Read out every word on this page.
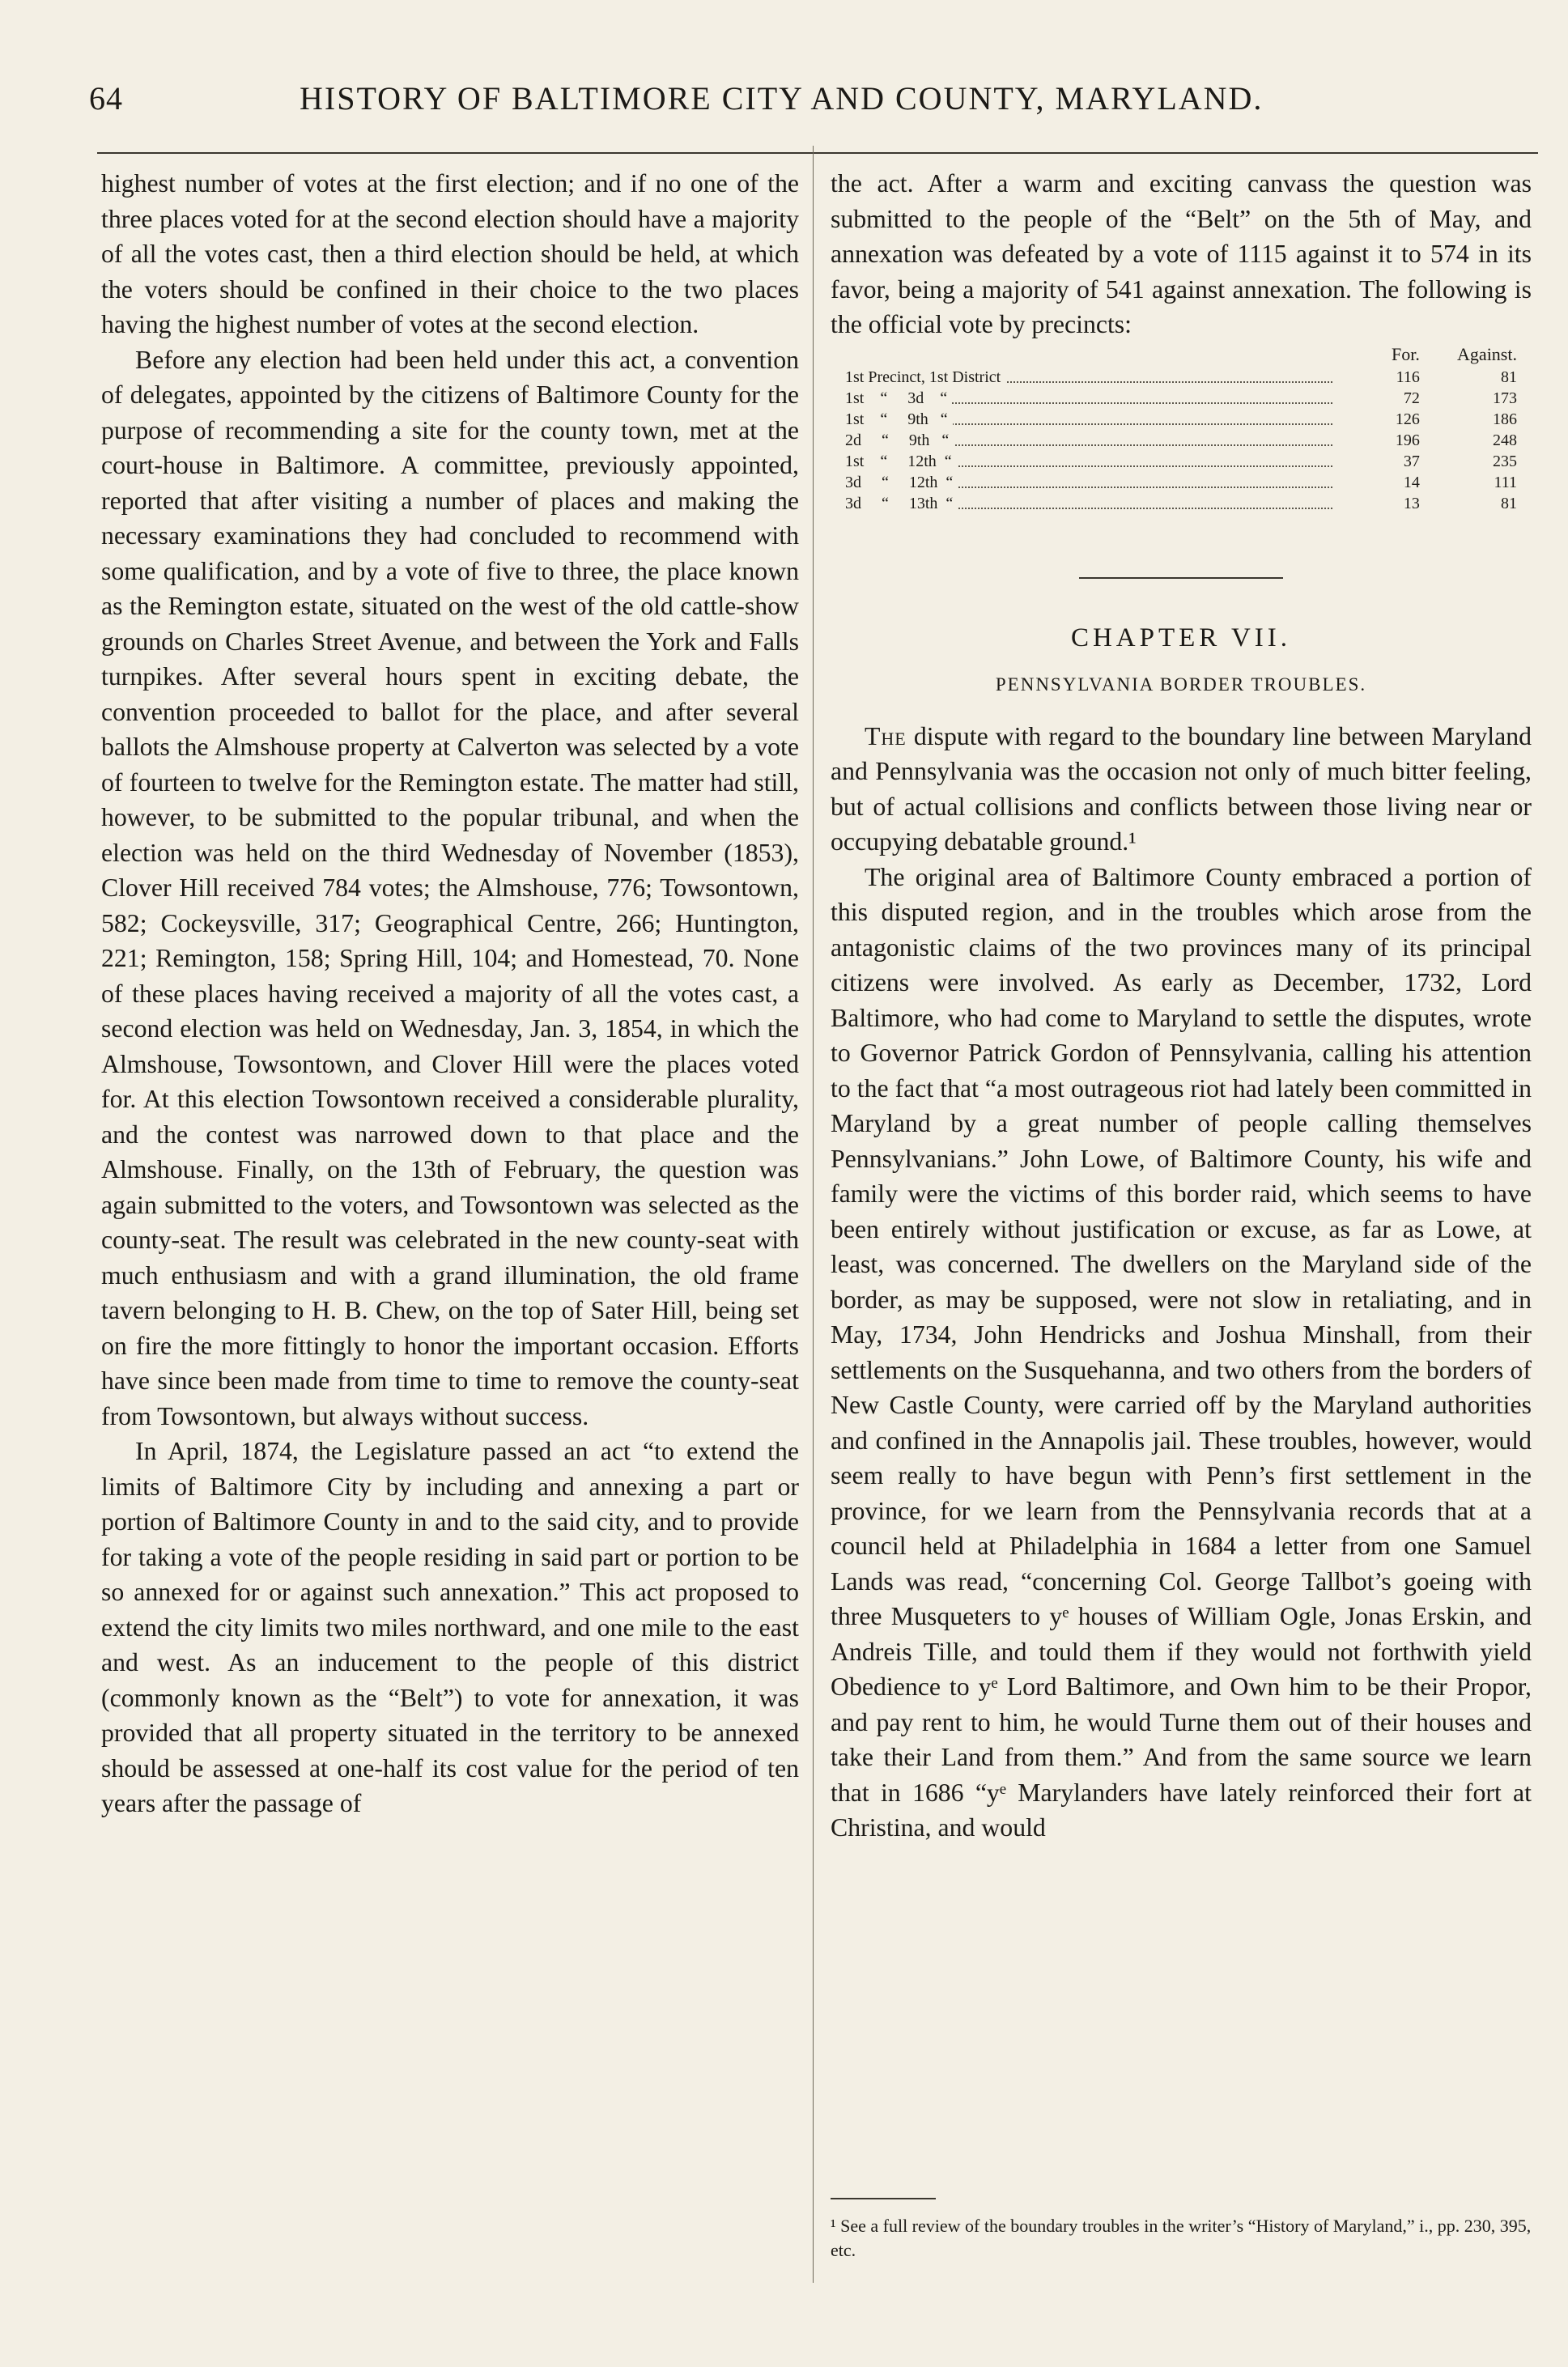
64	HISTORY OF BALTIMORE CITY AND COUNTY, MARYLAND.

highest number of votes at the first election; and if no one of the three places voted for at the second election should have a majority of all the votes cast, then a third election should be held, at which the voters should be confined in their choice to the two places having the highest number of votes at the second election.

Before any election had been held under this act, a convention of delegates, appointed by the citizens of Baltimore County for the purpose of recommending a site for the county town, met at the court-house in Baltimore. A committee, previously appointed, reported that after visiting a number of places and making the necessary examinations they had concluded to recommend with some qualification, and by a vote of five to three, the place known as the Remington estate, situated on the west of the old cattle-show grounds on Charles Street Avenue, and between the York and Falls turnpikes. After several hours spent in exciting debate, the convention proceeded to ballot for the place, and after several ballots the Almshouse property at Calverton was selected by a vote of fourteen to twelve for the Remington estate. The matter had still, however, to be submitted to the popular tribunal, and when the election was held on the third Wednesday of November (1853), Clover Hill received 784 votes; the Almshouse, 776; Towsontown, 582; Cockeysville, 317; Geographical Centre, 266; Huntington, 221; Remington, 158; Spring Hill, 104; and Homestead, 70. None of these places having received a majority of all the votes cast, a second election was held on Wednesday, Jan. 3, 1854, in which the Almshouse, Towsontown, and Clover Hill were the places voted for. At this election Towsontown received a considerable plurality, and the contest was narrowed down to that place and the Almshouse. Finally, on the 13th of February, the question was again submitted to the voters, and Towsontown was selected as the county-seat. The result was celebrated in the new county-seat with much enthusiasm and with a grand illumination, the old frame tavern belonging to H. B. Chew, on the top of Sater Hill, being set on fire the more fittingly to honor the important occasion. Efforts have since been made from time to time to remove the county-seat from Towsontown, but always without success.

In April, 1874, the Legislature passed an act “to extend the limits of Baltimore City by including and annexing a part or portion of Baltimore County in and to the said city, and to provide for taking a vote of the people residing in said part or portion to be so annexed for or against such annexation.” This act proposed to extend the city limits two miles northward, and one mile to the east and west. As an inducement to the people of this district (commonly known as the “Belt”) to vote for annexation, it was provided that all property situated in the territory to be annexed should be assessed at one-half its cost value for the period of ten years after the passage of

the act. After a warm and exciting canvass the question was submitted to the people of the “Belt” on the 5th of May, and annexation was defeated by a vote of 1115 against it to 574 in its favor, being a majority of 541 against annexation. The following is the official vote by precincts:

	For.	Against.

1st Precinct, 1st District	116	81

1st    “     3d    “	72	173

1st    “     9th   “	126	186

2d     “     9th   “	196	248

1st    “     12th  “	37	235

3d     “     12th  “	14	111

3d     “     13th  “	13	81
CHAPTER VII.
PENNSYLVANIA BORDER TROUBLES.

The dispute with regard to the boundary line between Maryland and Pennsylvania was the occasion not only of much bitter feeling, but of actual collisions and conflicts between those living near or occupying debatable ground.¹

The original area of Baltimore County embraced a portion of this disputed region, and in the troubles which arose from the antagonistic claims of the two provinces many of its principal citizens were involved. As early as December, 1732, Lord Baltimore, who had come to Maryland to settle the disputes, wrote to Governor Patrick Gordon of Pennsylvania, calling his attention to the fact that “a most outrageous riot had lately been committed in Maryland by a great number of people calling themselves Pennsylvanians.” John Lowe, of Baltimore County, his wife and family were the victims of this border raid, which seems to have been entirely without justification or excuse, as far as Lowe, at least, was concerned. The dwellers on the Maryland side of the border, as may be supposed, were not slow in retaliating, and in May, 1734, John Hendricks and Joshua Minshall, from their settlements on the Susquehanna, and two others from the borders of New Castle County, were carried off by the Maryland authorities and confined in the Annapolis jail. These troubles, however, would seem really to have begun with Penn’s first settlement in the province, for we learn from the Pennsylvania records that at a council held at Philadelphia in 1684 a letter from one Samuel Lands was read, “concerning Col. George Tallbot’s goeing with three Musqueters to yᵉ houses of William Ogle, Jonas Erskin, and Andreis Tille, and tould them if they would not forthwith yield Obedience to yᵉ Lord Baltimore, and Own him to be their Propor, and pay rent to him, he would Turne them out of their houses and take their Land from them.” And from the same source we learn that in 1686 “yᵉ Marylanders have lately reinforced their fort at Christina, and would

¹ See a full review of the boundary troubles in the writer’s “History of Maryland,” i., pp. 230, 395, etc.
